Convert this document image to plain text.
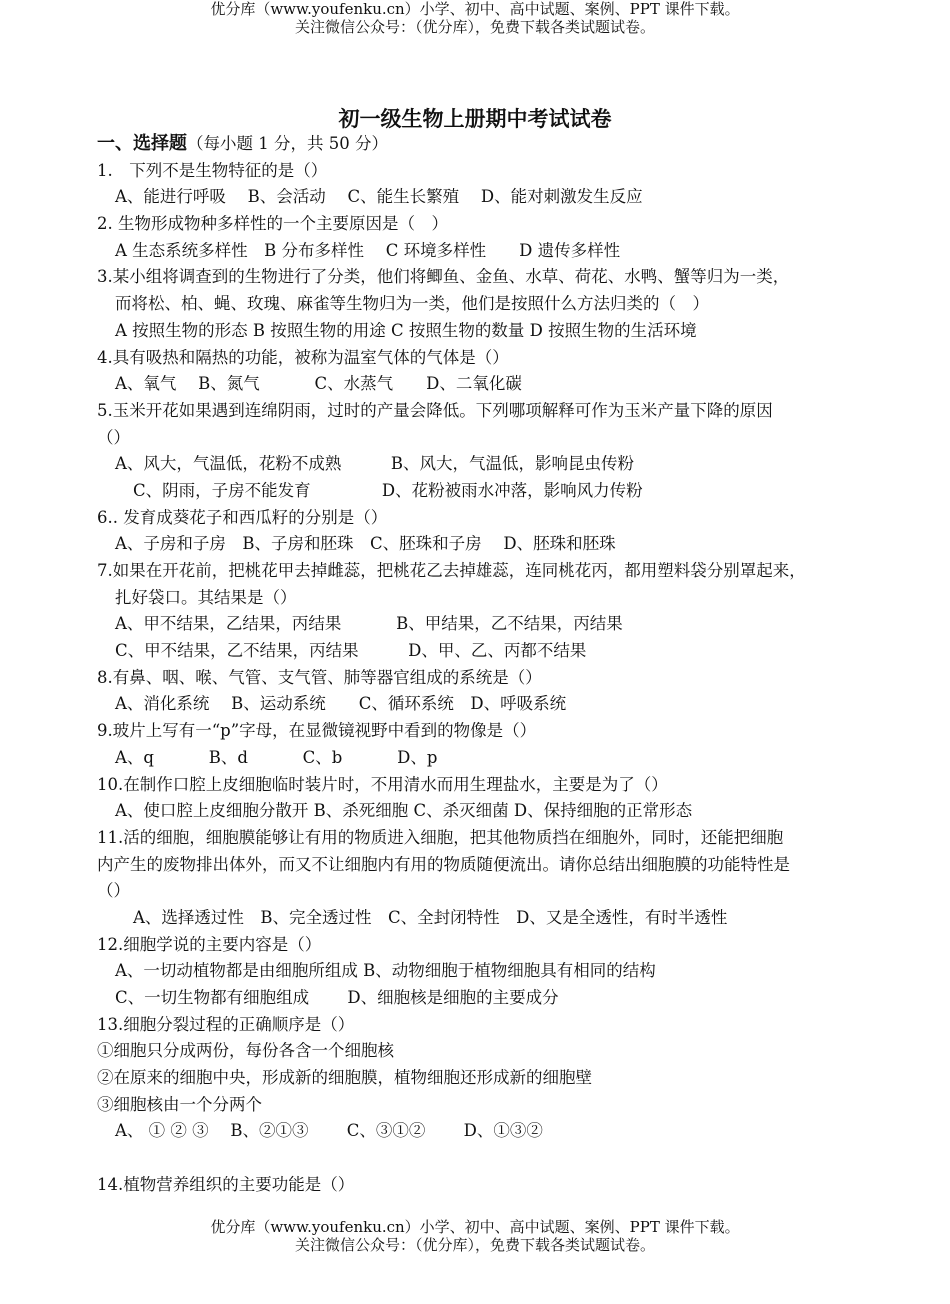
优分库（www.youfenku.cn）小学、初中、高中试题、案例、PPT 课件下载。
关注微信公众号：（优分库），免费下载各类试题试卷。
初一级生物上册期中考试试卷
一、选择题（每小题 1 分，共 50 分）
1.　下列不是生物特征的是（）
A、能进行呼吸　 B、会活动　 C、能生长繁殖　 D、能对刺激发生反应
2. 生物形成物种多样性的一个主要原因是（　）
A 生态系统多样性　B 分布多样性　 C 环境多样性　　D 遗传多样性
3.某小组将调查到的生物进行了分类，他们将鲫鱼、金鱼、水草、荷花、水鸭、蟹等归为一类，
而将松、柏、蝇、玫瑰、麻雀等生物归为一类，他们是按照什么方法归类的（　）
A 按照生物的形态 B 按照生物的用途 C 按照生物的数量 D 按照生物的生活环境
4.具有吸热和隔热的功能，被称为温室气体的气体是（）
A、氧气　 B、氮气　　　 C、水蒸气　　D、二氧化碳
5.玉米开花如果遇到连绵阴雨，过时的产量会降低。下列哪项解释可作为玉米产量下降的原因
（）
A、风大，气温低，花粉不成熟　　　B、风大，气温低，影响昆虫传粉
C、阴雨，子房不能发育　　　　 D、花粉被雨水冲落，影响风力传粉
6.. 发育成葵花子和西瓜籽的分别是（）
A、子房和子房　B、子房和胚珠　C、胚珠和子房　 D、胚珠和胚珠
7.如果在开花前，把桃花甲去掉雌蕊，把桃花乙去掉雄蕊，连同桃花丙，都用塑料袋分别罩起来，
扎好袋口。其结果是（）
A、甲不结果，乙结果，丙结果　　　 B、甲结果，乙不结果，丙结果
C、甲不结果，乙不结果，丙结果　　　D、甲、乙、丙都不结果
8.有鼻、咽、喉、气管、支气管、肺等器官组成的系统是（）
A、消化系统　 B、运动系统　　C、循环系统　D、呼吸系统
9.玻片上写有一“p”字母，在显微镜视野中看到的物像是（）
A、q　　　 B、d　　　 C、b　　　 D、p
10.在制作口腔上皮细胞临时装片时，不用清水而用生理盐水，主要是为了（）
A、使口腔上皮细胞分散开 B、杀死细胞 C、杀灭细菌 D、保持细胞的正常形态
11.活的细胞，细胞膜能够让有用的物质进入细胞，把其他物质挡在细胞外，同时，还能把细胞
内产生的废物排出体外，而又不让细胞内有用的物质随便流出。请你总结出细胞膜的功能特性是
（）
A、选择透过性　B、完全透过性　C、全封闭特性　D、又是全透性，有时半透性
12.细胞学说的主要内容是（）
A、一切动植物都是由细胞所组成 B、动物细胞于植物细胞具有相同的结构
C、一切生物都有细胞组成　　 D、细胞核是细胞的主要成分
13.细胞分裂过程的正确顺序是（）
①细胞只分成两份，每份各含一个细胞核
②在原来的细胞中央，形成新的细胞膜，植物细胞还形成新的细胞壁
③细胞核由一个分两个
A、 ① ② ③　 B、②①③　　 C、③①②　　 D、①③②
14.植物营养组织的主要功能是（）
优分库（www.youfenku.cn）小学、初中、高中试题、案例、PPT 课件下载。
关注微信公众号：（优分库），免费下载各类试题试卷。
